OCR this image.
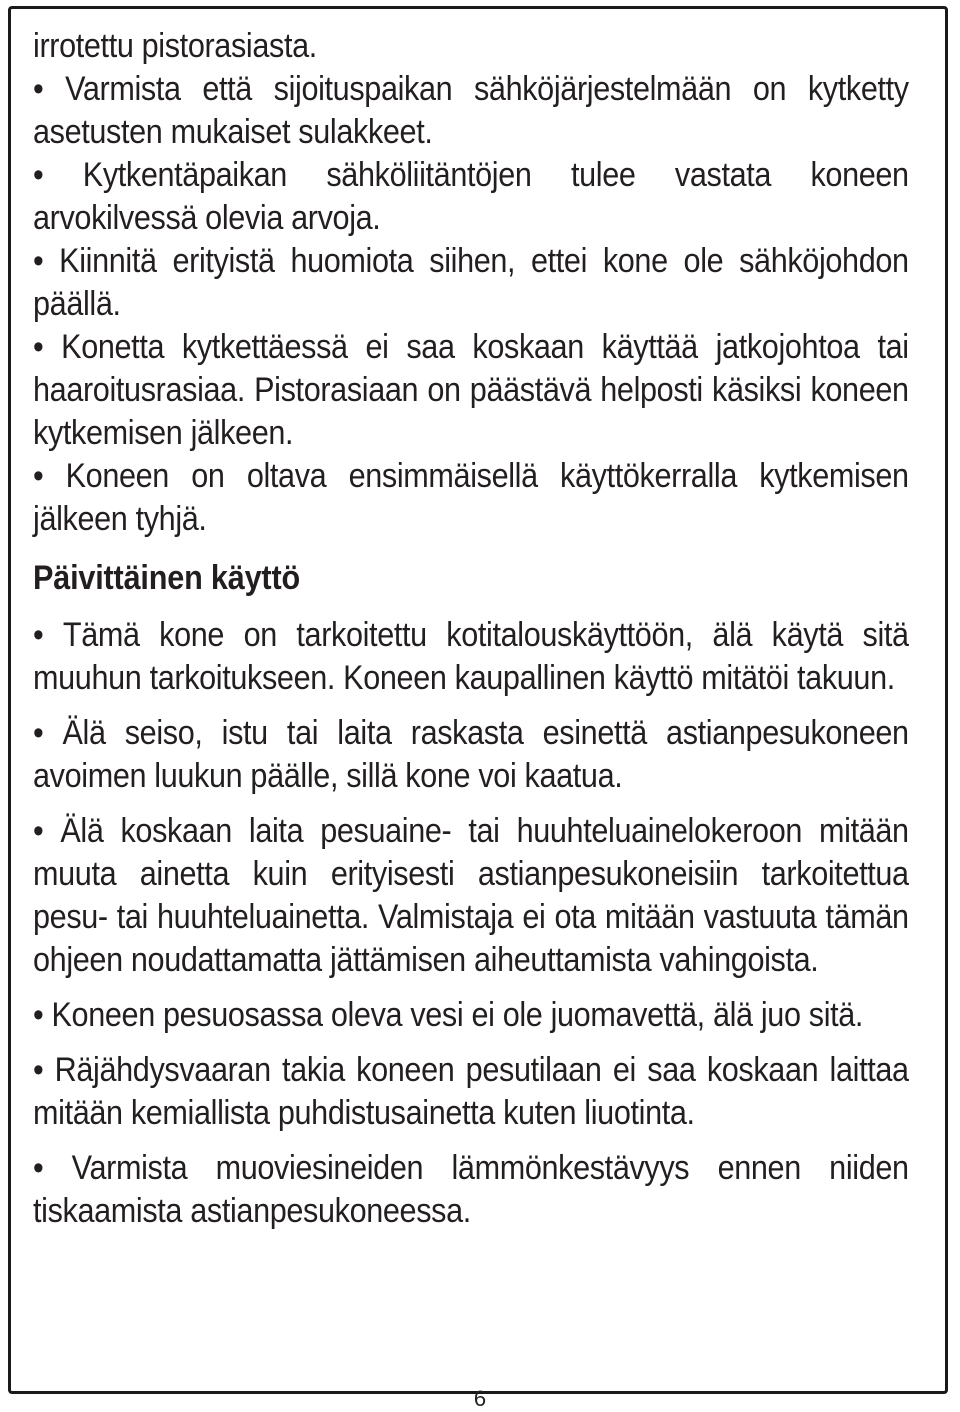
irrotettu pistorasiasta.

• Varmista että sijoituspaikan sähköjärjestelmään on kytketty asetusten mukaiset sulakkeet.

• Kytkentäpaikan sähköliitäntöjen tulee vastata koneen arvokilvessä olevia arvoja.

• Kiinnitä erityistä huomiota siihen, ettei kone ole sähköjohdon päällä.

• Konetta kytkettäessä ei saa koskaan käyttää jatkojohtoa tai haaroitusrasiaa. Pistorasiaan on päästävä helposti käsiksi koneen kytkemisen jälkeen.

• Koneen on oltava ensimmäisellä käyttökerralla kytkemisen jälkeen tyhjä.

Päivittäinen käyttö

• Tämä kone on tarkoitettu kotitalouskäyttöön, älä käytä sitä muuhun tarkoitukseen. Koneen kaupallinen käyttö mitätöi takuun.

• Älä seiso, istu tai laita raskasta esinettä astianpesukoneen avoimen luukun päälle, sillä kone voi kaatua.

• Älä koskaan laita pesuaine- tai huuhteluainelokeroon mitään muuta ainetta kuin erityisesti astianpesukoneisiin tarkoitettua pesu- tai huuhteluainetta. Valmistaja ei ota mitään vastuuta tämän ohjeen noudattamatta jättämisen aiheuttamista vahingoista.

• Koneen pesuosassa oleva vesi ei ole juomavettä, älä juo sitä.

• Räjähdysvaaran takia koneen pesutilaan ei saa koskaan laittaa mitään kemiallista puhdistusainetta kuten liuotinta.

• Varmista muoviesineiden lämmönkestävyys ennen niiden tiskaamista astianpesukoneessa.

6
